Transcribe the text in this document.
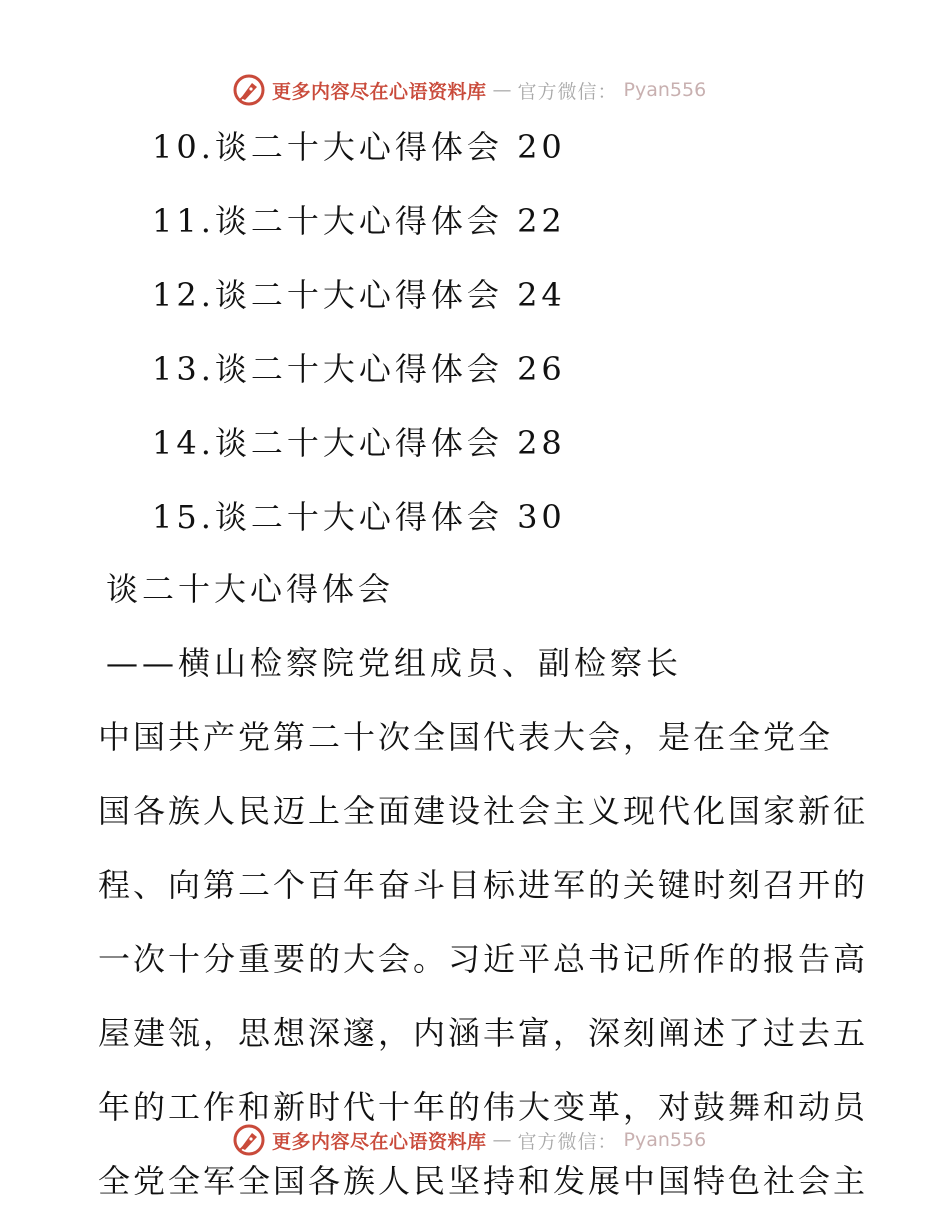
更多内容尽在心语资料库 — 官方微信： Pyan556
10.谈二十大心得体会 20
11.谈二十大心得体会 22
12.谈二十大心得体会 24
13.谈二十大心得体会 26
14.谈二十大心得体会 28
15.谈二十大心得体会 30
谈二十大心得体会

——横山检察院党组成员、副检察长

中国共产党第二十次全国代表大会，是在全党全

国各族人民迈上全面建设社会主义现代化国家新征

程、向第二个百年奋斗目标进军的关键时刻召开的

一次十分重要的大会。习近平总书记所作的报告高

屋建瓴，思想深邃，内涵丰富，深刻阐述了过去五

年的工作和新时代十年的伟大变革，对鼓舞和动员

全党全军全国各族人民坚持和发展中国特色社会主

更多内容尽在心语资料库 — 官方微信： Pyan556
